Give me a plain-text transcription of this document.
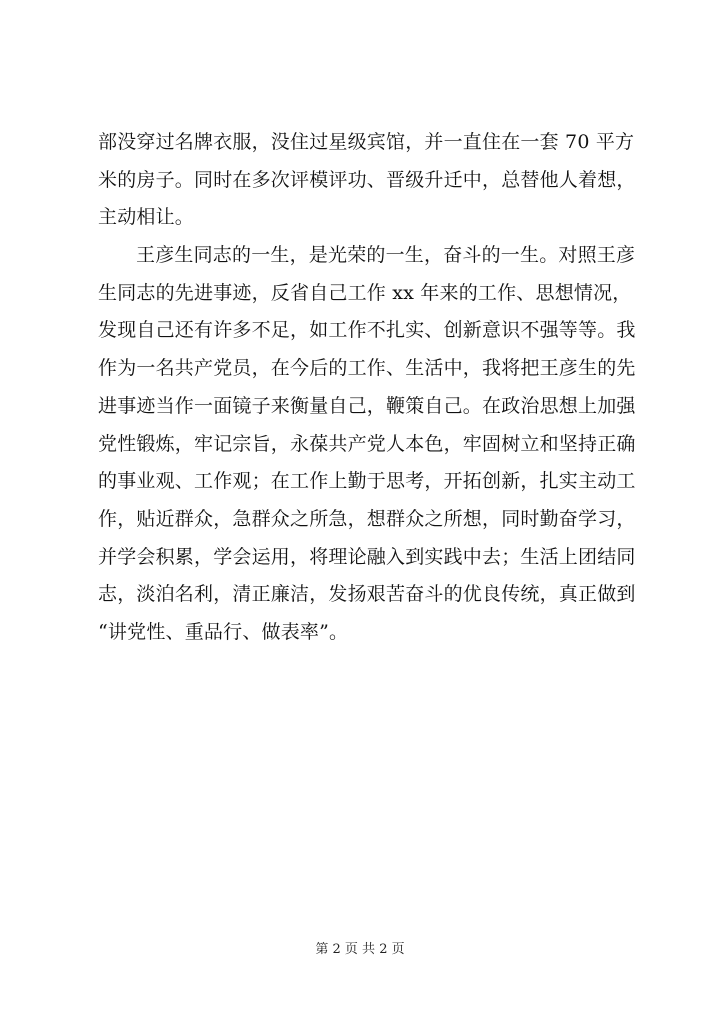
部没穿过名牌衣服，没住过星级宾馆，并一直住在一套 70 平方
米的房子。同时在多次评模评功、晋级升迁中，总替他人着想，
主动相让。
王彦生同志的一生，是光荣的一生，奋斗的一生。对照王彦
生同志的先进事迹，反省自己工作 xx 年来的工作、思想情况，
发现自己还有许多不足，如工作不扎实、创新意识不强等等。我
作为一名共产党员，在今后的工作、生活中，我将把王彦生的先
进事迹当作一面镜子来衡量自己，鞭策自己。在政治思想上加强
党性锻炼，牢记宗旨，永葆共产党人本色，牢固树立和坚持正确
的事业观、工作观；在工作上勤于思考，开拓创新，扎实主动工
作，贴近群众，急群众之所急，想群众之所想，同时勤奋学习，
并学会积累，学会运用，将理论融入到实践中去；生活上团结同
志，淡泊名利，清正廉洁，发扬艰苦奋斗的优良传统，真正做到
“讲党性、重品行、做表率”。
第 2 页 共 2 页
